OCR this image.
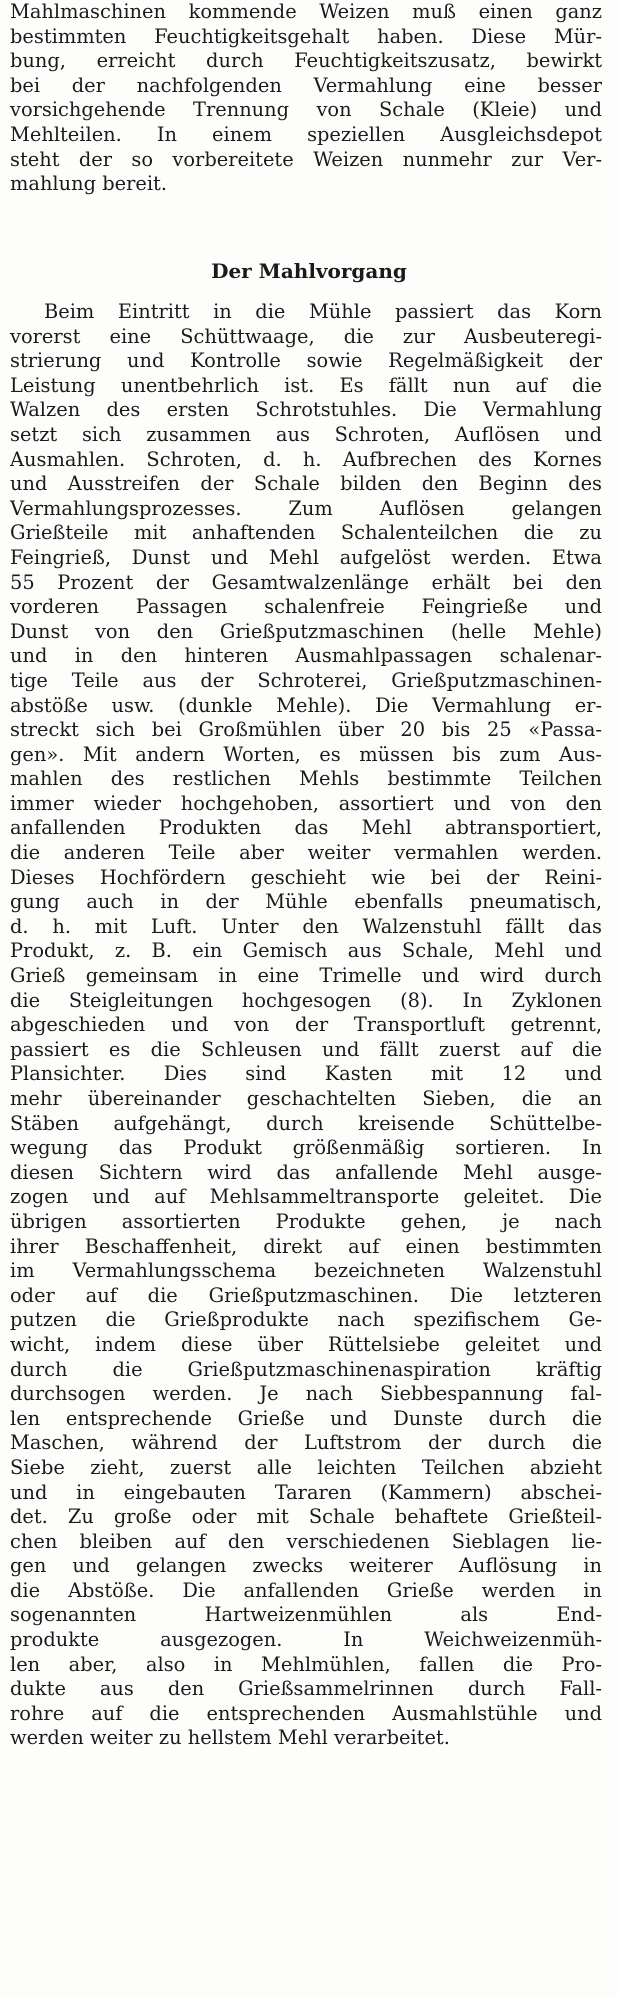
Mahlmaschinen kommende Weizen muß einen ganz
bestimmten Feuchtigkeitsgehalt haben. Diese Mür-
bung, erreicht durch Feuchtigkeitszusatz, bewirkt
bei der nachfolgenden Vermahlung eine besser
vorsichgehende Trennung von Schale (Kleie) und
Mehlteilen. In einem speziellen Ausgleichsdepot
steht der so vorbereitete Weizen nunmehr zur Ver-
mahlung bereit.

Der Mahlvorgang

Beim Eintritt in die Mühle passiert das Korn
vorerst eine Schüttwaage, die zur Ausbeuteregi-
strierung und Kontrolle sowie Regelmäßigkeit der
Leistung unentbehrlich ist. Es fällt nun auf die
Walzen des ersten Schrotstuhles. Die Vermahlung
setzt sich zusammen aus Schroten, Auflösen und
Ausmahlen. Schroten, d. h. Aufbrechen des Kornes
und Ausstreifen der Schale bilden den Beginn des
Vermahlungsprozesses. Zum Auflösen gelangen
Grießteile mit anhaftenden Schalenteilchen die zu
Feingrieß, Dunst und Mehl aufgelöst werden. Etwa
55 Prozent der Gesamtwalzenlänge erhält bei den
vorderen Passagen schalenfreie Feingrieße und
Dunst von den Grießputzmaschinen (helle Mehle)
und in den hinteren Ausmahlpassagen schalenar-
tige Teile aus der Schroterei, Grießputzmaschinen-
abstöße usw. (dunkle Mehle). Die Vermahlung er-
streckt sich bei Großmühlen über 20 bis 25 «Passa-
gen». Mit andern Worten, es müssen bis zum Aus-
mahlen des restlichen Mehls bestimmte Teilchen
immer wieder hochgehoben, assortiert und von den
anfallenden Produkten das Mehl abtransportiert,
die anderen Teile aber weiter vermahlen werden.
Dieses Hochfördern geschieht wie bei der Reini-
gung auch in der Mühle ebenfalls pneumatisch,
d. h. mit Luft. Unter den Walzenstuhl fällt das
Produkt, z. B. ein Gemisch aus Schale, Mehl und
Grieß gemeinsam in eine Trimelle und wird durch
die Steigleitungen hochgesogen (8). In Zyklonen
abgeschieden und von der Transportluft getrennt,
passiert es die Schleusen und fällt zuerst auf die
Plansichter. Dies sind Kasten mit 12 und
mehr übereinander geschachtelten Sieben, die an
Stäben aufgehängt, durch kreisende Schüttelbe-
wegung das Produkt größenmäßig sortieren. In
diesen Sichtern wird das anfallende Mehl ausge-
zogen und auf Mehlsammeltransporte geleitet. Die
übrigen assortierten Produkte gehen, je nach
ihrer Beschaffenheit, direkt auf einen bestimmten
im Vermahlungsschema bezeichneten Walzenstuhl
oder auf die Grießputzmaschinen. Die letzteren
putzen die Grießprodukte nach spezifischem Ge-
wicht, indem diese über Rüttelsiebe geleitet und
durch die Grießputzmaschinenaspiration kräftig
durchsogen werden. Je nach Siebbespannung fal-
len entsprechende Grieße und Dunste durch die
Maschen, während der Luftstrom der durch die
Siebe zieht, zuerst alle leichten Teilchen abzieht
und in eingebauten Tararen (Kammern) abschei-
det. Zu große oder mit Schale behaftete Grießteil-
chen bleiben auf den verschiedenen Sieblagen lie-
gen und gelangen zwecks weiterer Auflösung in
die Abstöße. Die anfallenden Grieße werden in
sogenannten Hartweizenmühlen als End-
produkte ausgezogen. In Weichweizenmüh-
len aber, also in Mehlmühlen, fallen die Pro-
dukte aus den Grießsammelrinnen durch Fall-
rohre auf die entsprechenden Ausmahlstühle und
werden weiter zu hellstem Mehl verarbeitet.
